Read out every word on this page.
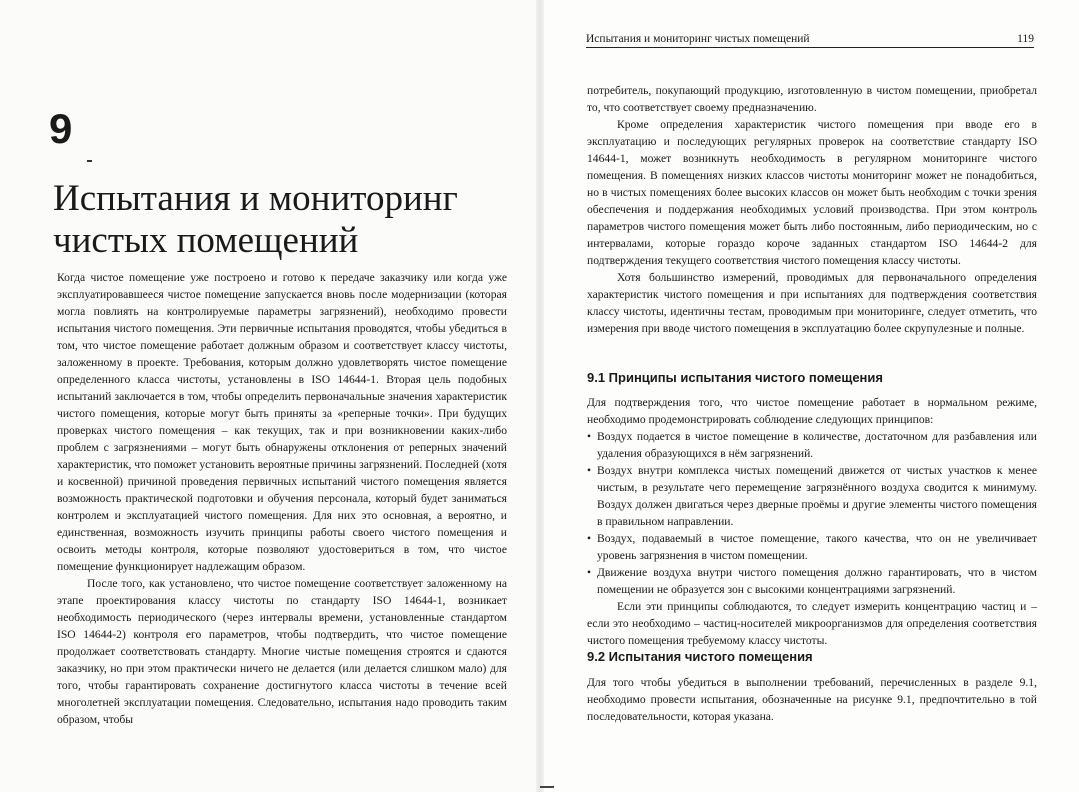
9
Испытания и мониторинг чистых помещений

Когда чистое помещение уже построено и готово к передаче заказчику или когда уже эксплуатировавшееся чистое помещение запускается вновь после модернизации (которая могла повлиять на контролируемые параметры загрязнений), необходимо провести испытания чистого помещения. Эти первичные испытания проводятся, чтобы убедиться в том, что чистое помещение работает должным образом и соответствует классу чистоты, заложенному в проекте. Требования, которым должно удовлетворять чистое помещение определенного класса чистоты, установлены в ISO 14644-1. Вторая цель подобных испытаний заключается в том, чтобы определить первоначальные значения характеристик чистого помещения, которые могут быть приняты за «реперные точки». При будущих проверках чистого помещения – как текущих, так и при возникновении каких-либо проблем с загрязнениями – могут быть обнаружены отклонения от реперных значений характеристик, что поможет установить вероятные причины загрязнений. Последней (хотя и косвенной) причиной проведения первичных испытаний чистого помещения является возможность практической подготовки и обучения персонала, который будет заниматься контролем и эксплуатацией чистого помещения. Для них это основная, а вероятно, и единственная, возможность изучить принципы работы своего чистого помещения и освоить методы контроля, которые позволяют удостовериться в том, что чистое помещение функционирует надлежащим образом.

После того, как установлено, что чистое помещение соответствует заложенному на этапе проектирования классу чистоты по стандарту ISO 14644-1, возникает необходимость периодического (через интервалы времени, установленные стандартом ISO 14644-2) контроля его параметров, чтобы подтвердить, что чистое помещение продолжает соответствовать стандарту. Многие чистые помещения строятся и сдаются заказчику, но при этом практически ничего не делается (или делается слишком мало) для того, чтобы гарантировать сохранение достигнутого класса чистоты в течение всей многолетней эксплуатации помещения. Следовательно, испытания надо проводить таким образом, чтобы

Испытания и мониторинг чистых помещений	119

потребитель, покупающий продукцию, изготовленную в чистом помещении, приобретал то, что соответствует своему предназначению.

Кроме определения характеристик чистого помещения при вводе его в эксплуатацию и последующих регулярных проверок на соответствие стандарту ISO 14644-1, может возникнуть необходимость в регулярном мониторинге чистого помещения. В помещениях низких классов чистоты мониторинг может не понадобиться, но в чистых помещениях более высоких классов он может быть необходим с точки зрения обеспечения и поддержания необходимых условий производства. При этом контроль параметров чистого помещения может быть либо постоянным, либо периодическим, но с интервалами, которые гораздо короче заданных стандартом ISO 14644-2 для подтверждения текущего соответствия чистого помещения классу чистоты.

Хотя большинство измерений, проводимых для первоначального определения характеристик чистого помещения и при испытаниях для подтверждения соответствия классу чистоты, идентичны тестам, проводимым при мониторинге, следует отметить, что измерения при вводе чистого помещения в эксплуатацию более скрупулезные и полные.

9.1 Принципы испытания чистого помещения

Для подтверждения того, что чистое помещение работает в нормальном режиме, необходимо продемонстрировать соблюдение следующих принципов:

• Воздух подается в чистое помещение в количестве, достаточном для разбавления или удаления образующихся в нём загрязнений.
• Воздух внутри комплекса чистых помещений движется от чистых участков к менее чистым, в результате чего перемещение загрязнённого воздуха сводится к минимуму. Воздух должен двигаться через дверные проёмы и другие элементы чистого помещения в правильном направлении.
• Воздух, подаваемый в чистое помещение, такого качества, что он не увеличивает уровень загрязнения в чистом помещении.
• Движение воздуха внутри чистого помещения должно гарантировать, что в чистом помещении не образуется зон с высокими концентрациями загрязнений.

Если эти принципы соблюдаются, то следует измерить концентрацию частиц и – если это необходимо – частиц-носителей микроорганизмов для определения соответствия чистого помещения требуемому классу чистоты.

9.2 Испытания чистого помещения

Для того чтобы убедиться в выполнении требований, перечисленных в разделе 9.1, необходимо провести испытания, обозначенные на рисунке 9.1, предпочтительно в той последовательности, которая указана.
